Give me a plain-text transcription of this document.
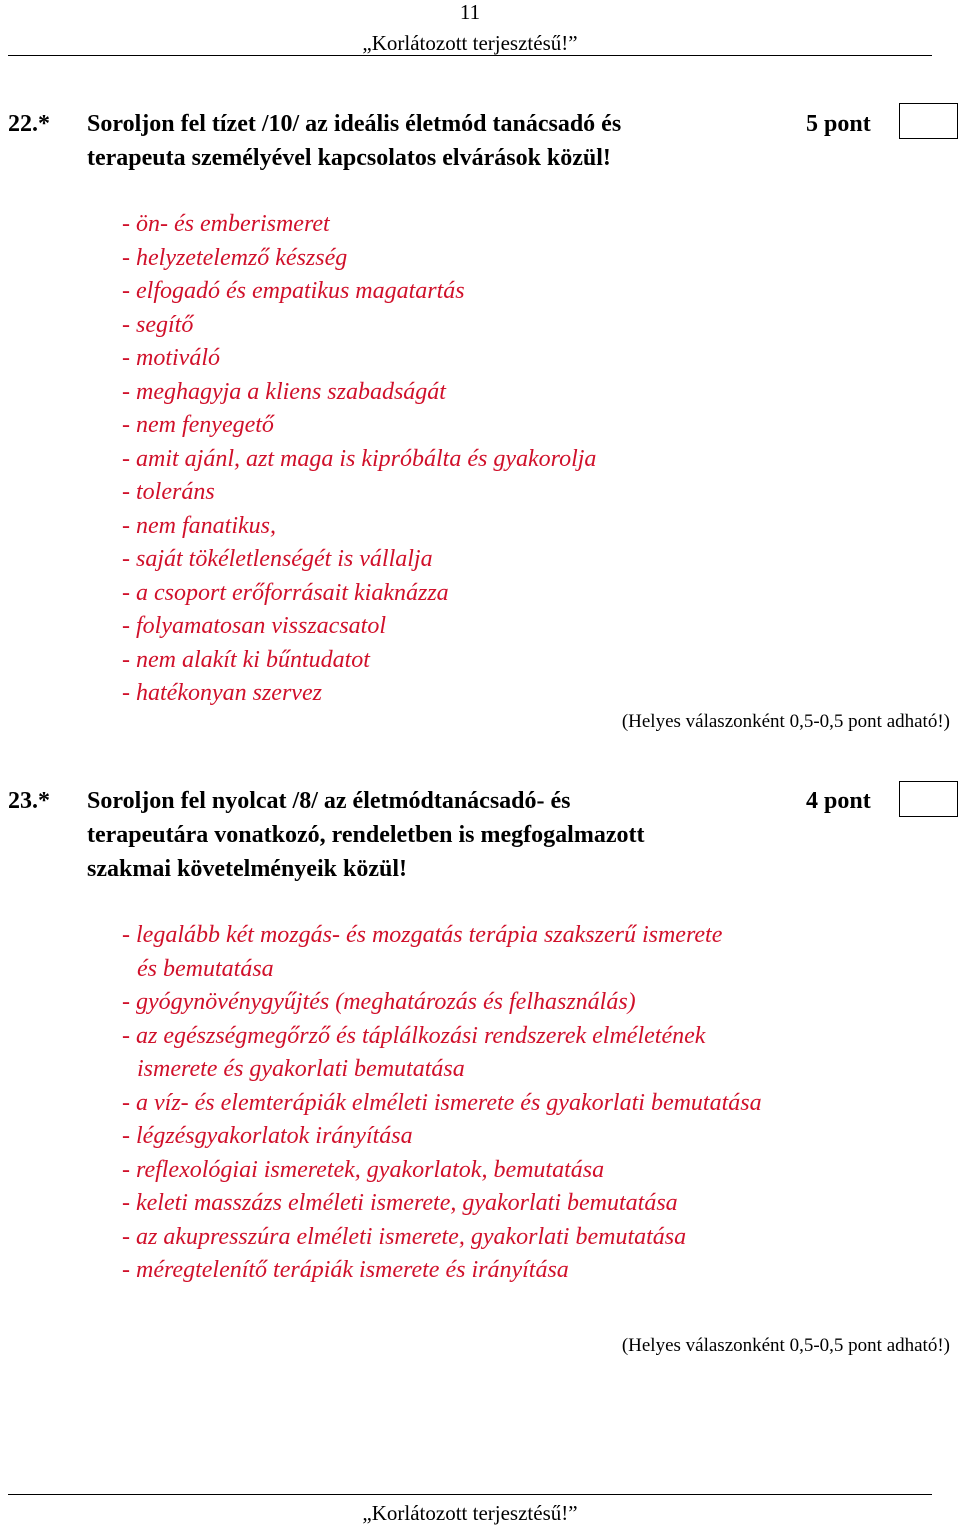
11
„Korlátozott terjesztésű!”
22.* Soroljon fel tízet /10/ az ideális életmód tanácsadó és
terapeuta személyével kapcsolatos elvárások közül!
5 pont
- ön- és emberismeret
- helyzetelemző készség
- elfogadó és empatikus magatartás
- segítő
- motiváló
- meghagyja a kliens szabadságát
- nem fenyegető
- amit ajánl, azt maga is kipróbálta és gyakorolja
- toleráns
- nem fanatikus,
- saját tökéletlenségét is vállalja
- a csoport erőforrásait kiaknázza
- folyamatosan visszacsatol
- nem alakít ki bűntudatot
- hatékonyan szervez
(Helyes válaszonként 0,5-0,5 pont adható!)
23.* Soroljon fel nyolcat /8/ az életmódtanácsadó- és
terapeutára vonatkozó, rendeletben is megfogalmazott
szakmai követelményeik közül!
4 pont
- legalább két mozgás- és mozgatás terápia szakszerű ismerete
és bemutatása
- gyógynövénygyűjtés (meghatározás és felhasználás)
- az egészségmegőrző és táplálkozási rendszerek elméletének
ismerete és gyakorlati bemutatása
- a víz- és elemterápiák elméleti ismerete és gyakorlati bemutatása
- légzésgyakorlatok irányítása
- reflexológiai ismeretek, gyakorlatok, bemutatása
- keleti masszázs elméleti ismerete, gyakorlati bemutatása
- az akupresszúra elméleti ismerete, gyakorlati bemutatása
- méregtelenítő terápiák ismerete és irányítása
(Helyes válaszonként 0,5-0,5 pont adható!)
„Korlátozott terjesztésű!”
